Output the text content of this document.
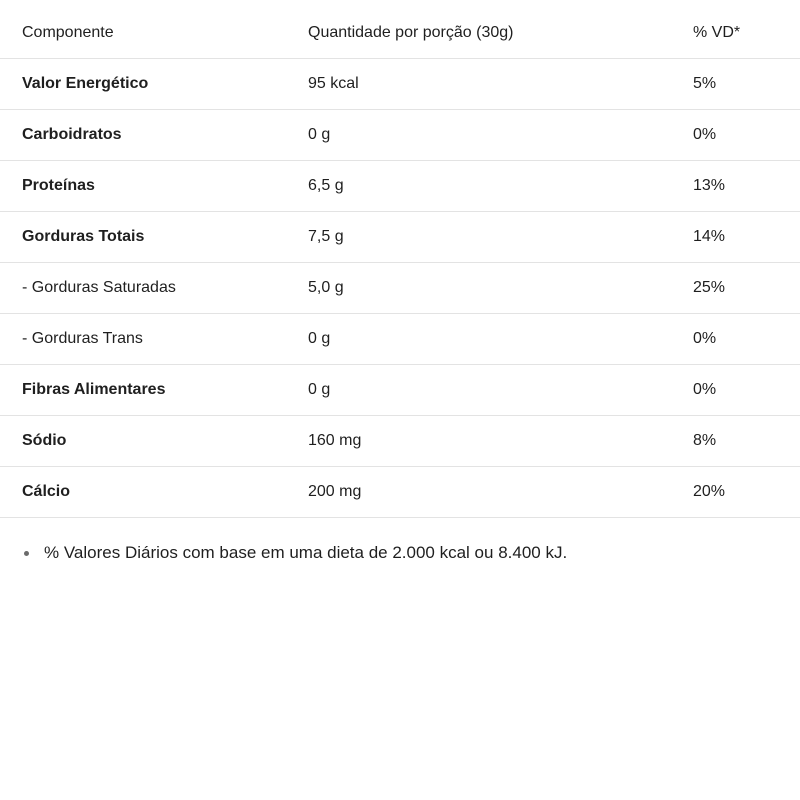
Componente	Quantidade por porção (30g)	% VD*
Valor Energético	95 kcal	5%
Carboidratos	0 g	0%
Proteínas	6,5 g	13%
Gorduras Totais	7,5 g	14%
- Gorduras Saturadas	5,0 g	25%
- Gorduras Trans	0 g	0%
Fibras Alimentares	0 g	0%
Sódio	160 mg	8%
Cálcio	200 mg	20%
% Valores Diários com base em uma dieta de 2.000 kcal ou 8.400 kJ.
